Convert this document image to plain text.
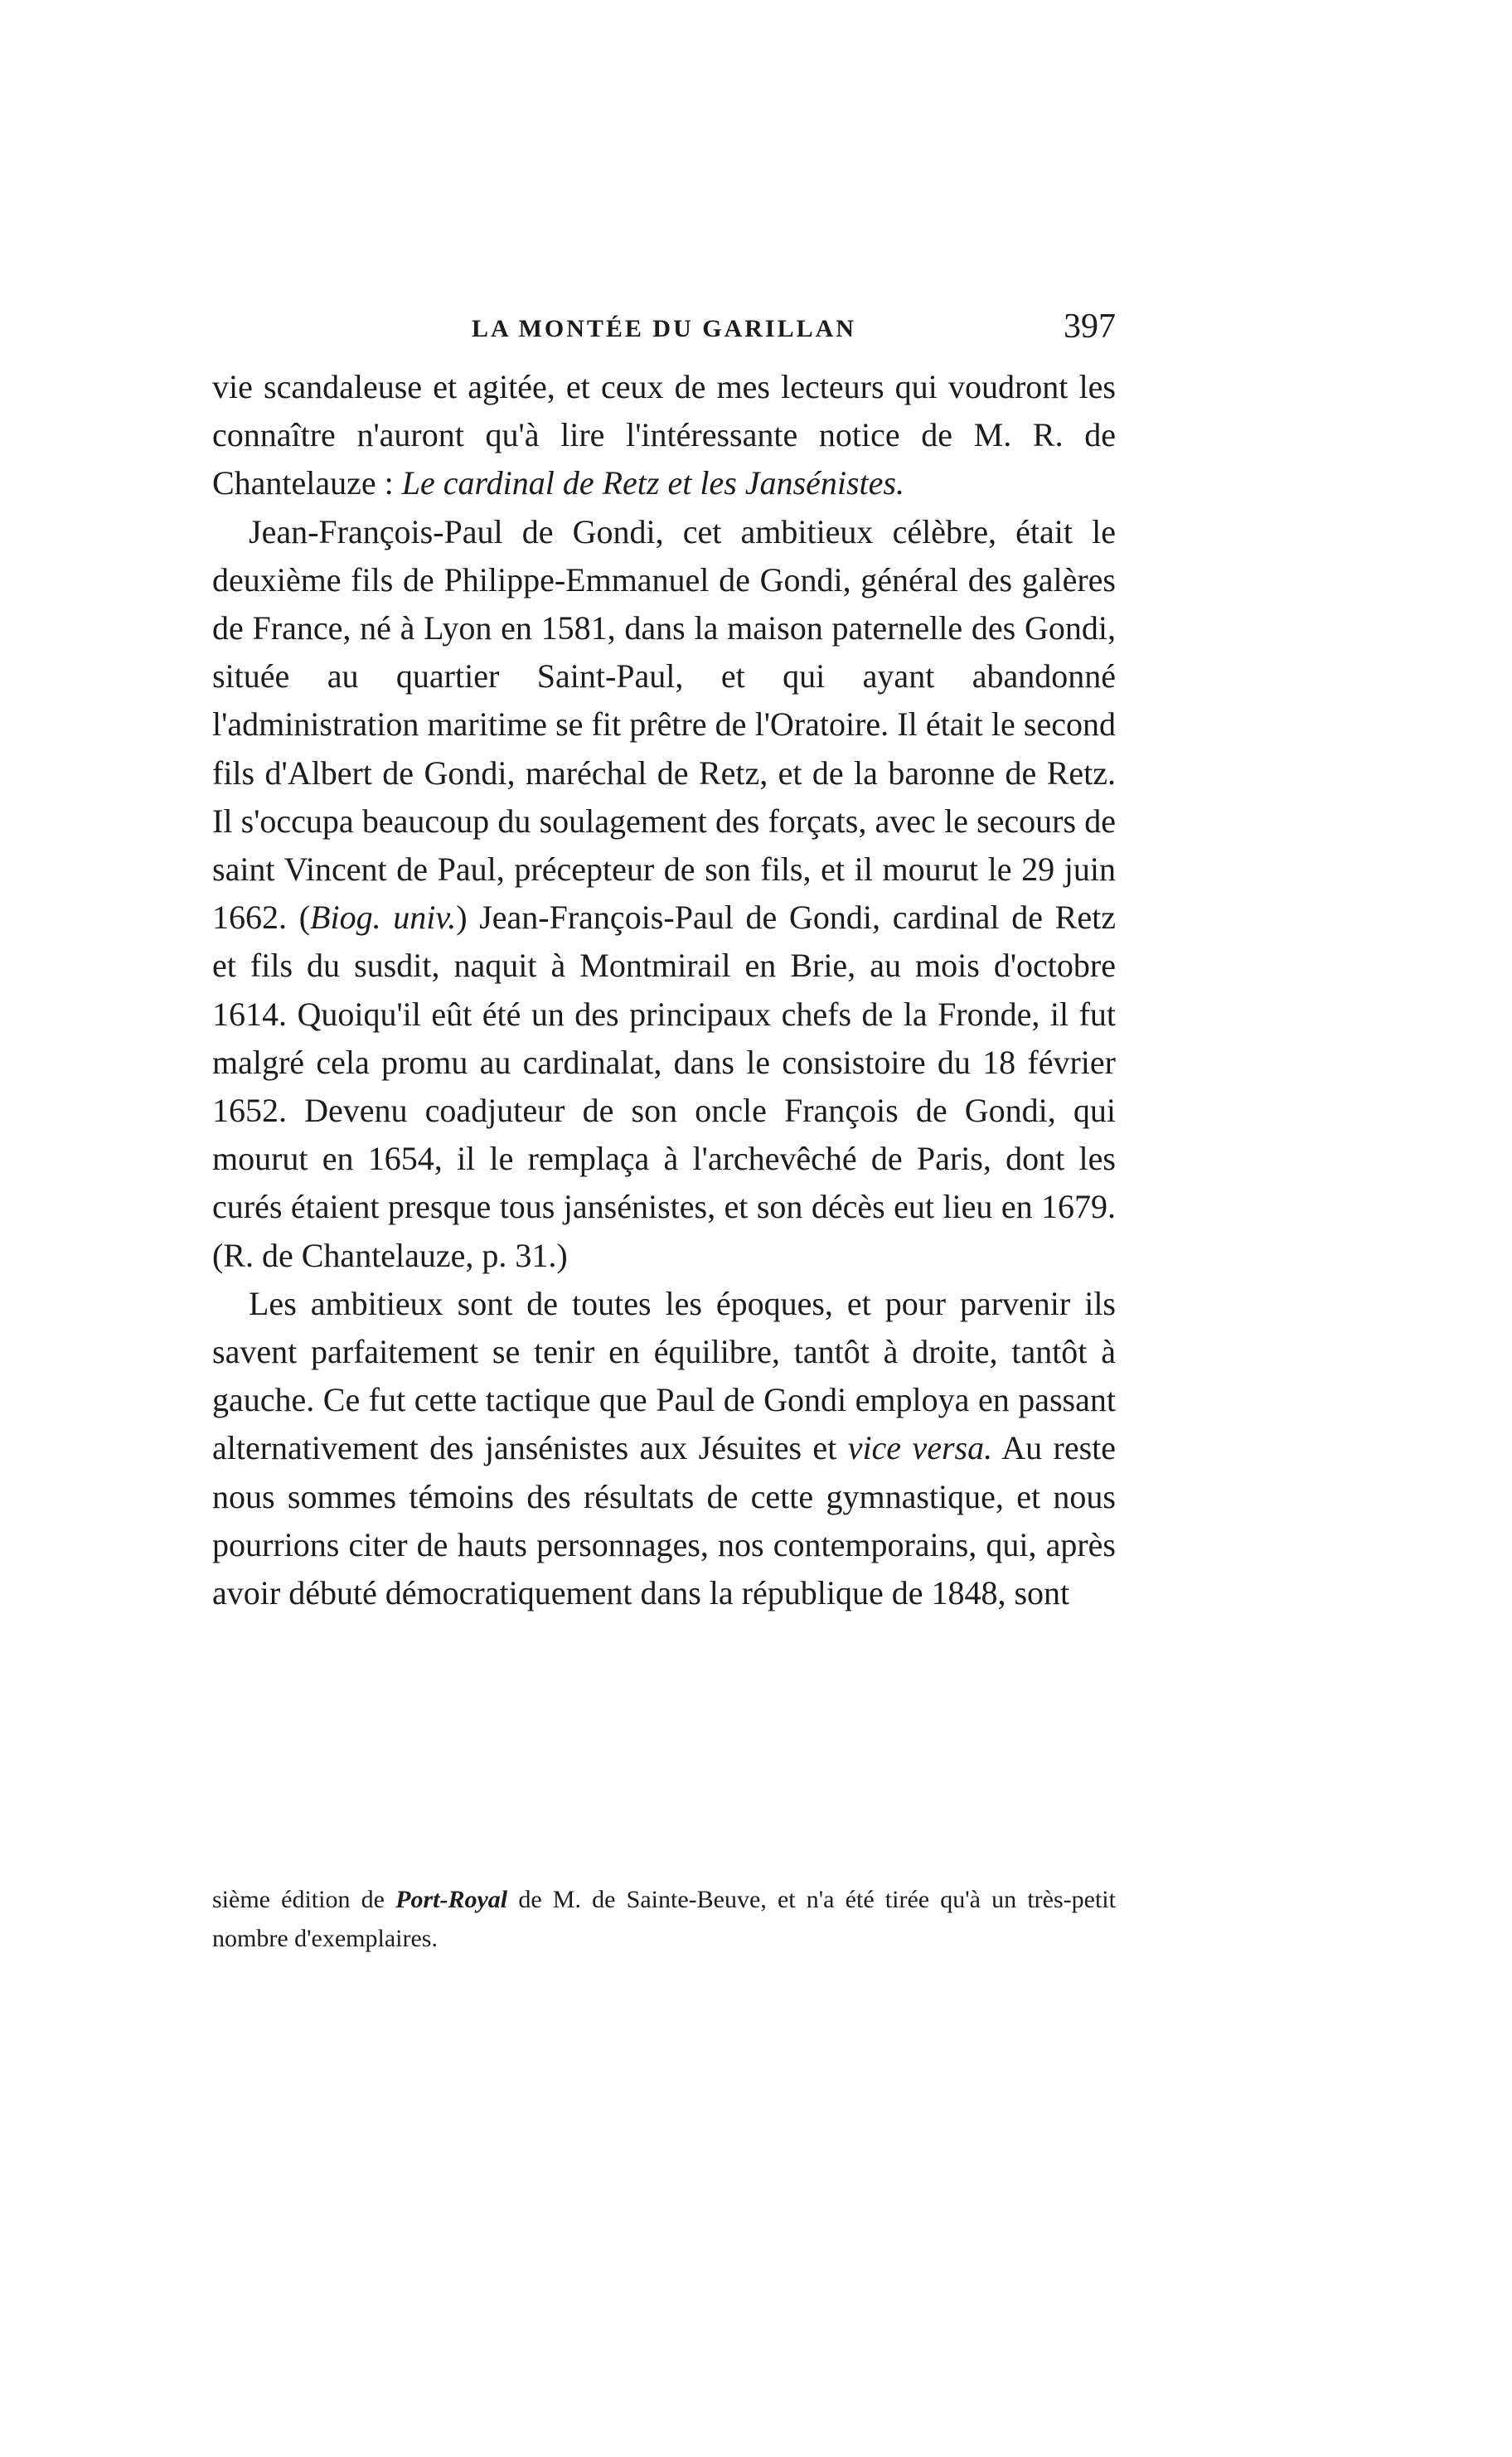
LA MONTÉE DU GARILLAN	397

vie scandaleuse et agitée, et ceux de mes lecteurs qui voudront les connaître n'auront qu'à lire l'intéressante notice de M. R. de Chantelauze : Le cardinal de Retz et les Jansénistes.

Jean-François-Paul de Gondi, cet ambitieux célèbre, était le deuxième fils de Philippe-Emmanuel de Gondi, général des galères de France, né à Lyon en 1581, dans la maison paternelle des Gondi, située au quartier Saint-Paul, et qui ayant abandonné l'administration maritime se fit prêtre de l'Oratoire. Il était le second fils d'Albert de Gondi, maréchal de Retz, et de la baronne de Retz. Il s'occupa beaucoup du soulagement des forçats, avec le secours de saint Vincent de Paul, précepteur de son fils, et il mourut le 29 juin 1662. (Biog. univ.) Jean-François-Paul de Gondi, cardinal de Retz et fils du susdit, naquit à Montmirail en Brie, au mois d'octobre 1614. Quoiqu'il eût été un des principaux chefs de la Fronde, il fut malgré cela promu au cardinalat, dans le consistoire du 18 février 1652. Devenu coadjuteur de son oncle François de Gondi, qui mourut en 1654, il le remplaça à l'archevêché de Paris, dont les curés étaient presque tous jansénistes, et son décès eut lieu en 1679. (R. de Chantelauze, p. 31.)

Les ambitieux sont de toutes les époques, et pour parvenir ils savent parfaitement se tenir en équilibre, tantôt à droite, tantôt à gauche. Ce fut cette tactique que Paul de Gondi employa en passant alternativement des jansénistes aux Jésuites et vice versa. Au reste nous sommes témoins des résultats de cette gymnastique, et nous pourrions citer de hauts personnages, nos contemporains, qui, après avoir débuté démocratiquement dans la république de 1848, sont

sième édition de Port-Royal de M. de Sainte-Beuve, et n'a été tirée qu'à un très-petit nombre d'exemplaires.
